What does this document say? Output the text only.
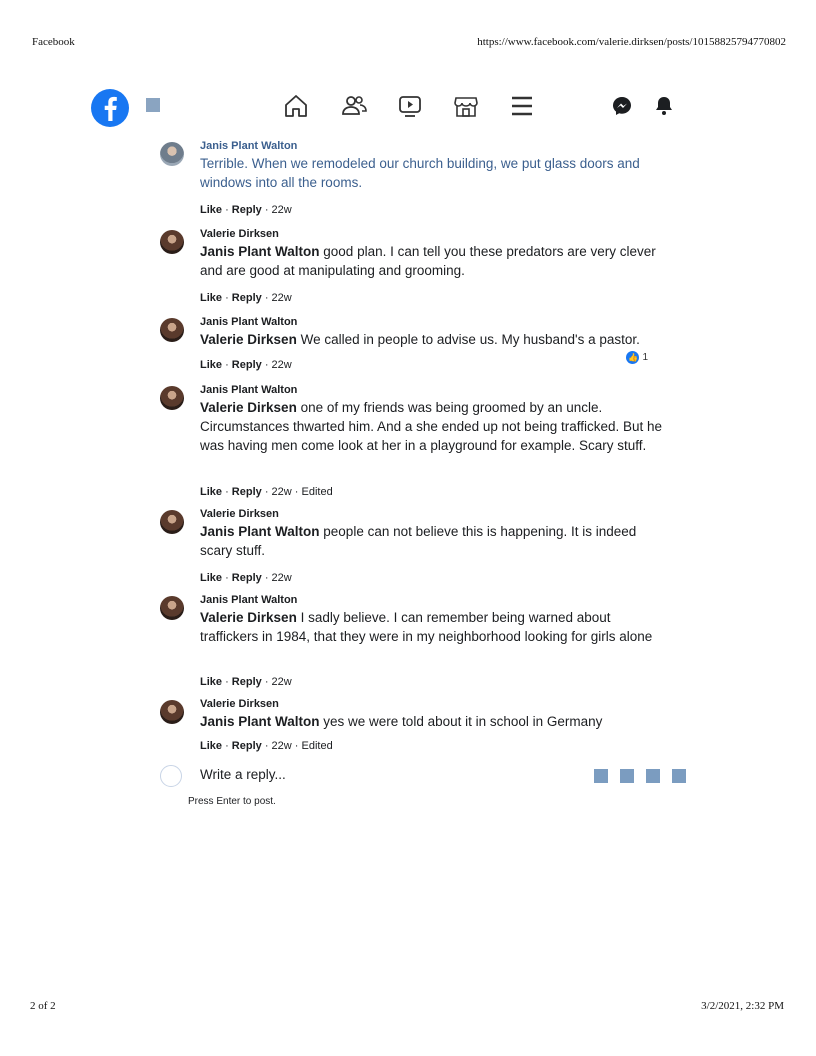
Facebook	https://www.facebook.com/valerie.dirksen/posts/10158825794770802
Janis Plant Walton
Terrible. When we remodeled our church building, we put glass doors and windows into all the rooms.
Like · Reply · 22w
Valerie Dirksen
Janis Plant Walton good plan. I can tell you these predators are very clever and are good at manipulating and grooming.
Like · Reply · 22w
Janis Plant Walton
Valerie Dirksen We called in people to advise us. My husband's a pastor.
Like · Reply · 22w
👍 1
Janis Plant Walton
Valerie Dirksen one of my friends was being groomed by an uncle. Circumstances thwarted him. And a she ended up not being trafficked. But he was having men come look at her in a playground for example. Scary stuff.
Like · Reply · 22w · Edited
Valerie Dirksen
Janis Plant Walton people can not believe this is happening. It is indeed scary stuff.
Like · Reply · 22w
Janis Plant Walton
Valerie Dirksen I sadly believe. I can remember being warned about traffickers in 1984, that they were in my neighborhood looking for girls alone
Like · Reply · 22w
Valerie Dirksen
Janis Plant Walton yes we were told about it in school in Germany
Like · Reply · 22w · Edited
Write a reply...
Press Enter to post.
2 of 2	3/2/2021, 2:32 PM
